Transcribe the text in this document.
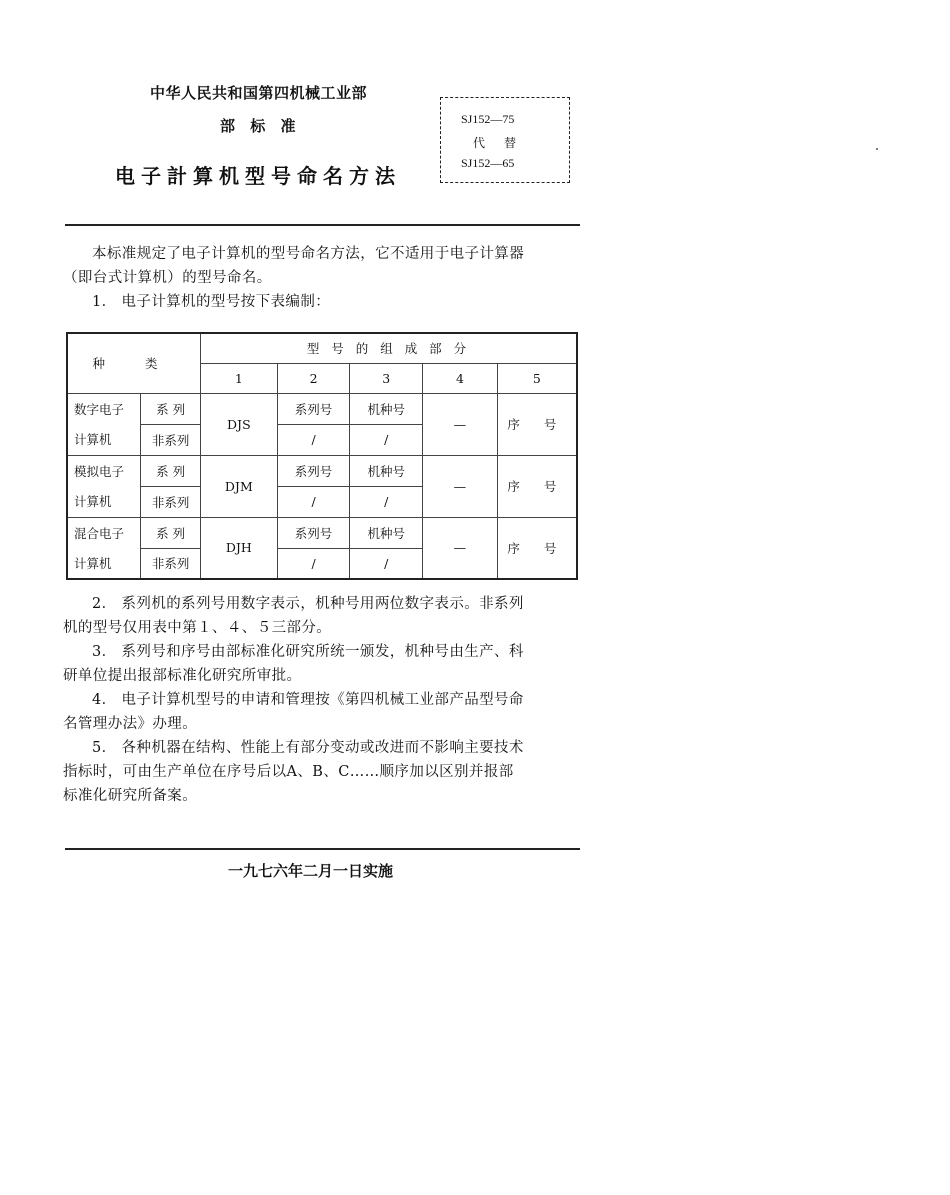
中华人民共和国第四机械工业部
部 标 准
电子計算机型号命名方法
SJ152—75
代 替
SJ152—65

本标准规定了电子计算机的型号命名方法，它不适用于电子计算器

（即台式计算机）的型号命名。

1． 电子计算机的型号按下表编制：

种 类		型 号 的 组 成 部 分				
		1	2	3	4	5
数字电子	系 列	DJS	系列号	机种号	—	序 号
计算机	非系列		/	/		
模拟电子	系 列	DJM	系列号	机种号	—	序 号
计算机	非系列		/	/		
混合电子	系 列	DJH	系列号	机种号	—	序 号
计算机	非系列		/	/		

2． 系列机的系列号用数字表示，机种号用两位数字表示。非系列

机的型号仅用表中第１、４、５三部分。

3． 系列号和序号由部标准化研究所统一颁发，机种号由生产、科

研单位提出报部标准化研究所审批。

4． 电子计算机型号的申请和管理按《第四机械工业部产品型号命

名管理办法》办理。

5． 各种机器在结构、性能上有部分变动或改进而不影响主要技术

指标时，可由生产单位在序号后以A、B、C……顺序加以区别并报部

标准化研究所备案。

一九七六年二月一日实施
